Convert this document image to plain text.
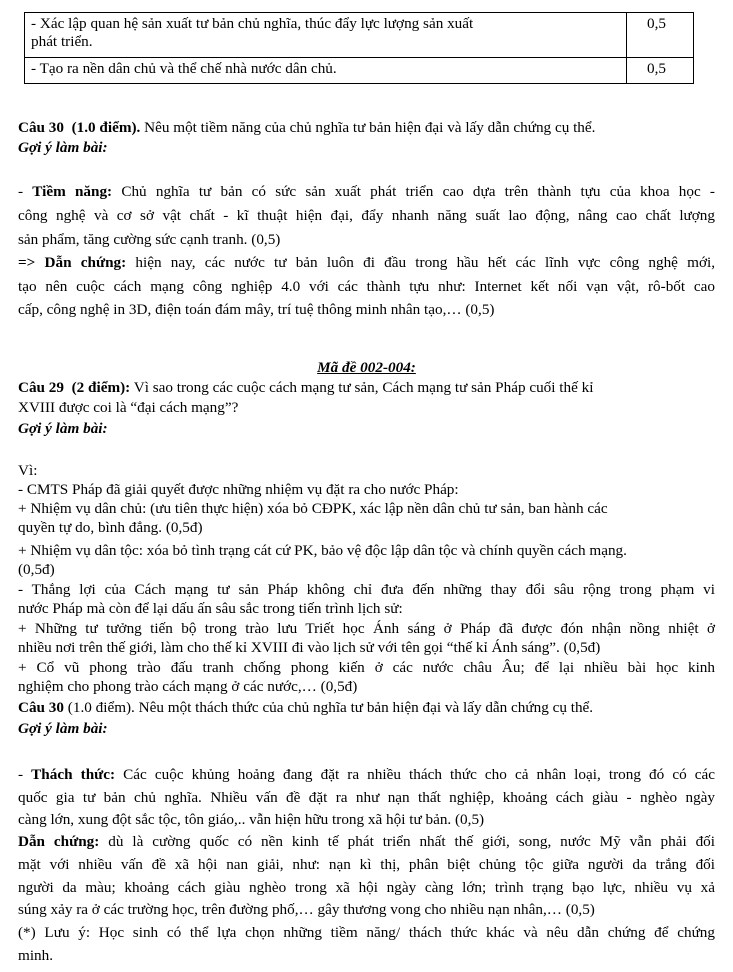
- Xác lập quan hệ sản xuất tư bản chủ nghĩa, thúc đẩy lực lượng sản xuất
phát triển.	0,5
- Tạo ra nền dân chủ và thể chế nhà nước dân chủ.	0,5
Câu 30 (1.0 điểm). Nêu một tiềm năng của chủ nghĩa tư bản hiện đại và lấy dẫn chứng cụ thể.
Gợi ý làm bài:
- Tiềm năng: Chủ nghĩa tư bản có sức sản xuất phát triển cao dựa trên thành tựu của khoa học -
công nghệ và cơ sở vật chất - kĩ thuật hiện đại, đẩy nhanh năng suất lao động, nâng cao chất lượng
sản phẩm, tăng cường sức cạnh tranh. (0,5)
=> Dẫn chứng: hiện nay, các nước tư bản luôn đi đầu trong hầu hết các lĩnh vực công nghệ mới,
tạo nên cuộc cách mạng công nghiệp 4.0 với các thành tựu như: Internet kết nối vạn vật, rô-bốt cao
cấp, công nghệ in 3D, điện toán đám mây, trí tuệ thông minh nhân tạo,… (0,5)
Mã đề 002-004:
Câu 29 (2 điểm): Vì sao trong các cuộc cách mạng tư sản, Cách mạng tư sản Pháp cuối thế kỉ
XVIII được coi là “đại cách mạng”?
Gợi ý làm bài:
Vì:
- CMTS Pháp đã giải quyết được những nhiệm vụ đặt ra cho nước Pháp:
+ Nhiệm vụ dân chủ: (ưu tiên thực hiện) xóa bỏ CĐPK, xác lập nền dân chủ tư sản, ban hành các
quyền tự do, bình đẳng. (0,5đ)
+ Nhiệm vụ dân tộc: xóa bỏ tình trạng cát cứ PK, bảo vệ độc lập dân tộc và chính quyền cách mạng.
(0,5đ)
- Thắng lợi của Cách mạng tư sản Pháp không chỉ đưa đến những thay đổi sâu rộng trong phạm vi
nước Pháp mà còn để lại dấu ấn sâu sắc trong tiến trình lịch sử:
+ Những tư tưởng tiến bộ trong trào lưu Triết học Ánh sáng ở Pháp đã được đón nhận nồng nhiệt ở
nhiều nơi trên thế giới, làm cho thế kỉ XVIII đi vào lịch sử với tên gọi “thế kỉ Ánh sáng”. (0,5đ)
+ Cổ vũ phong trào đấu tranh chống phong kiến ở các nước châu Âu; để lại nhiều bài học kinh
nghiệm cho phong trào cách mạng ở các nước,… (0,5đ)
Câu 30 (1.0 điểm). Nêu một thách thức của chủ nghĩa tư bản hiện đại và lấy dẫn chứng cụ thể.
Gợi ý làm bài:
- Thách thức: Các cuộc khủng hoảng đang đặt ra nhiều thách thức cho cả nhân loại, trong đó có các
quốc gia tư bản chủ nghĩa. Nhiều vấn đề đặt ra như nạn thất nghiệp, khoảng cách giàu - nghèo ngày
càng lớn, xung đột sắc tộc, tôn giáo,.. vẫn hiện hữu trong xã hội tư bản. (0,5)
Dẫn chứng: dù là cường quốc có nền kinh tế phát triển nhất thế giới, song, nước Mỹ vẫn phải đối
mặt với nhiều vấn đề xã hội nan giải, như: nạn kì thị, phân biệt chủng tộc giữa người da trắng đối
người da màu; khoảng cách giàu nghèo trong xã hội ngày càng lớn; trình trạng bạo lực, nhiều vụ xả
súng xảy ra ở các trường học, trên đường phố,… gây thương vong cho nhiều nạn nhân,… (0,5)
(*) Lưu ý: Học sinh có thể lựa chọn những tiềm năng/ thách thức khác và nêu dẫn chứng để chứng
minh.
